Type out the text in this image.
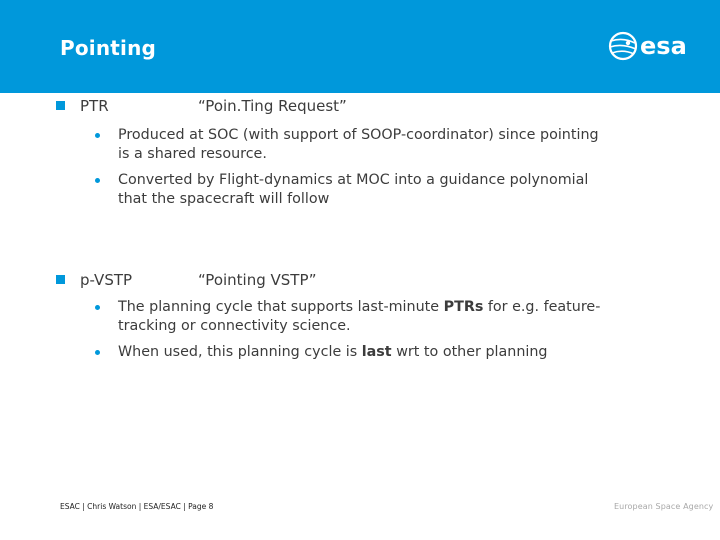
Pointing	esa
PTR	“Poin.Ting Request”
Produced at SOC (with support of SOOP-coordinator) since pointing
is a shared resource.
Converted by Flight-dynamics at MOC into a guidance polynomial
that the spacecraft will follow
p-VSTP	“Pointing VSTP”
The planning cycle that supports last-minute PTRs for e.g. feature-
tracking or connectivity science.
When used, this planning cycle is last wrt to other planning
ESAC | Chris Watson | ESA/ESAC | Page 8	European Space Agency
